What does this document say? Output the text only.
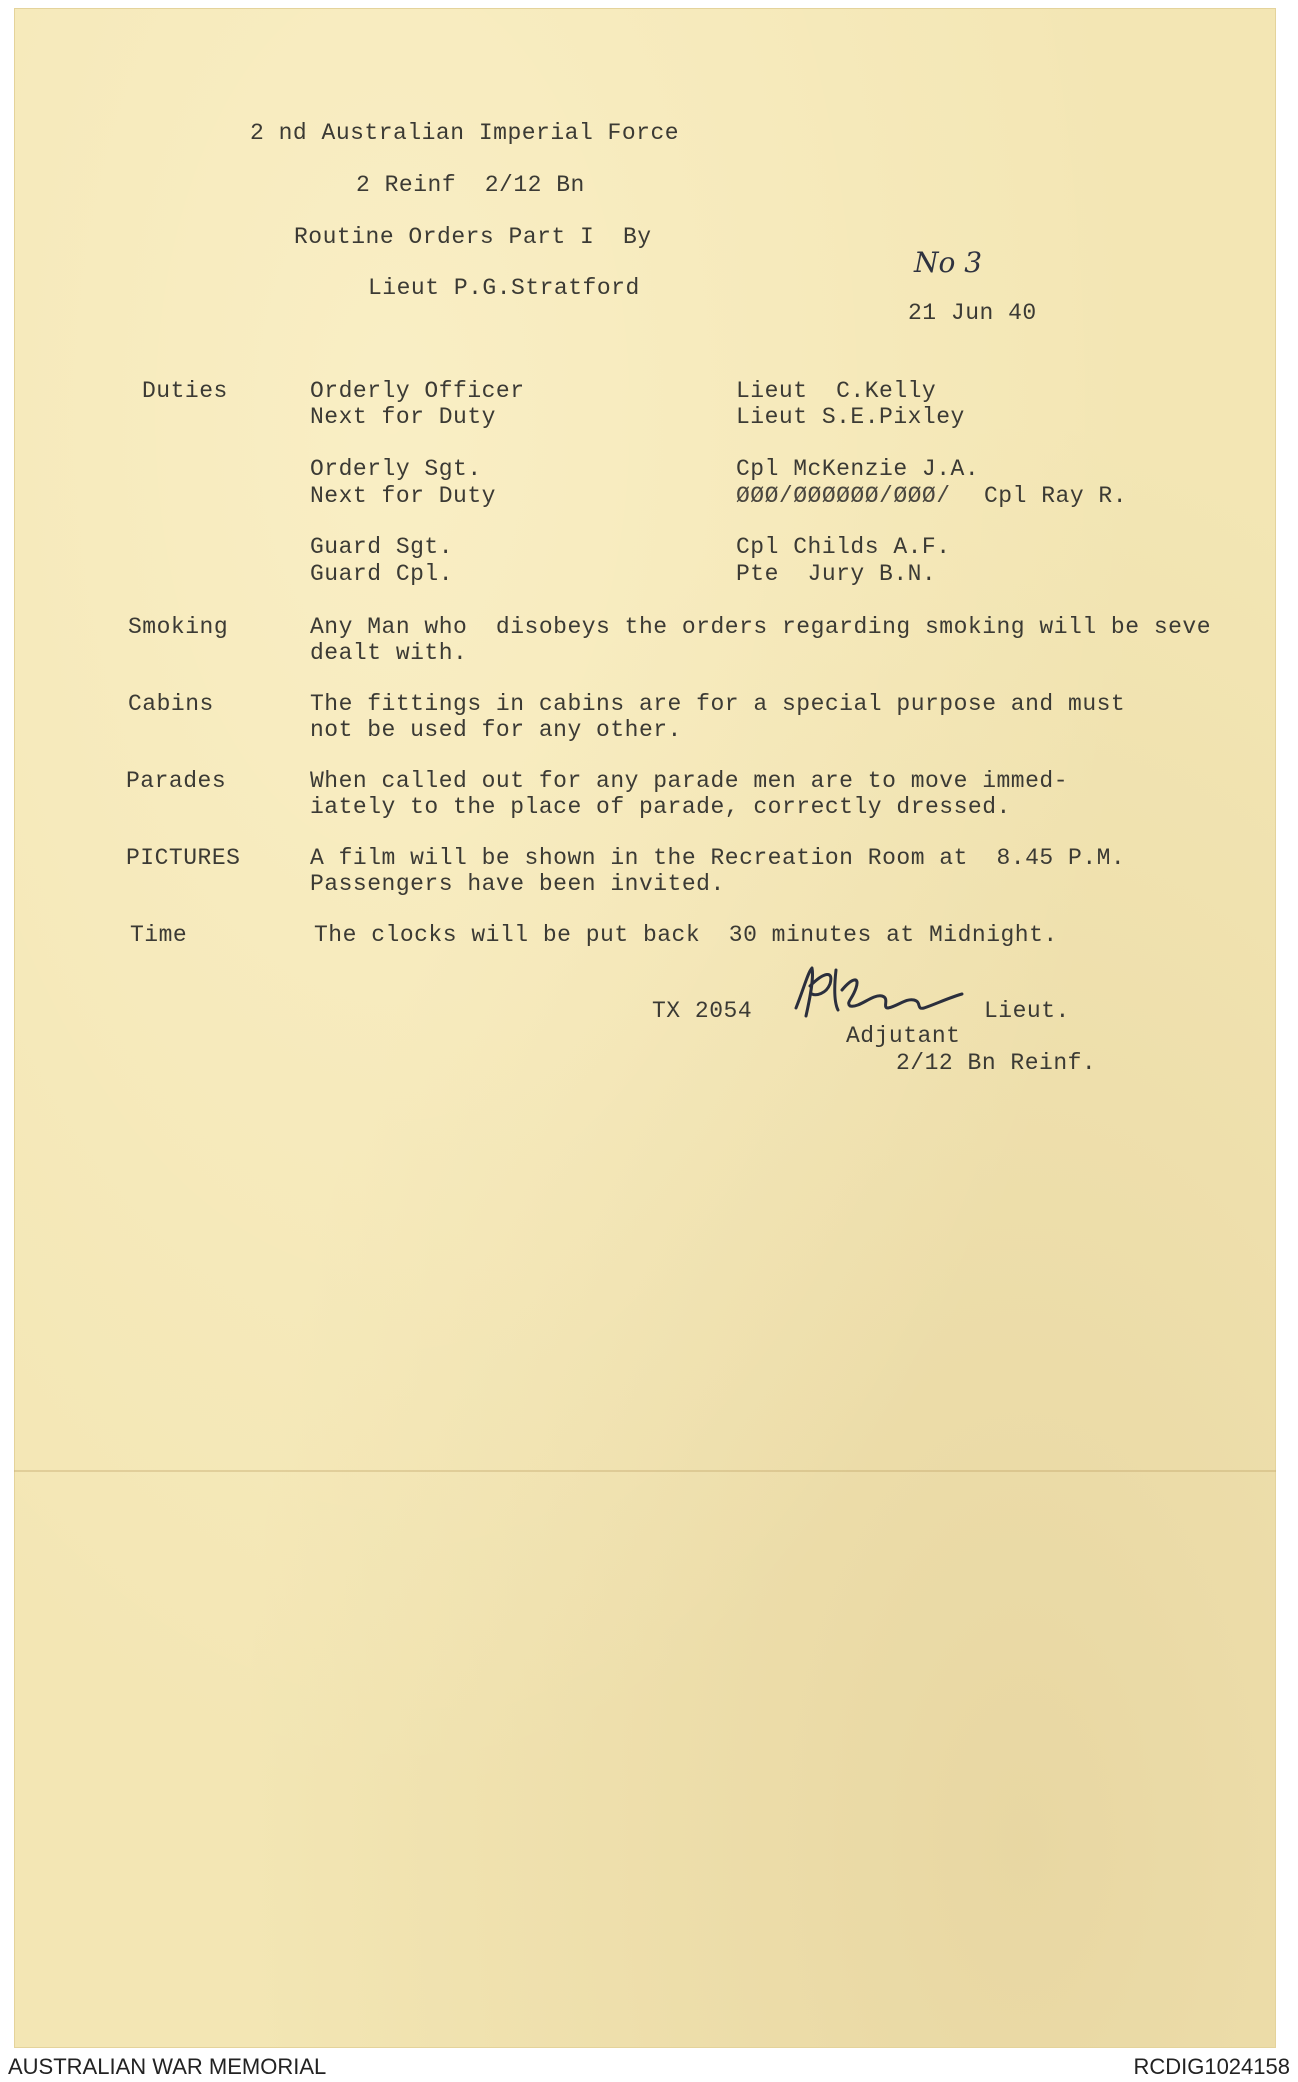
2 nd Australian Imperial Force
2 Reinf  2/12 Bn
Routine Orders Part I  By
Lieut P.G.Stratford
No 3
21 Jun 40
Duties	Orderly Officer	Lieut  C.Kelly
Next for Duty	Lieut S.E.Pixley
Orderly Sgt.	Cpl McKenzie J.A.
Next for Duty	ØØØ/ØØØØØØ/ØØØ/ Cpl Ray R.
Guard Sgt.	Cpl Childs A.F.
Guard Cpl.	Pte  Jury B.N.
Smoking	Any Man who  disobeys the orders regarding smoking will be seve
dealt with.
Cabins	The fittings in cabins are for a special purpose and must
not be used for any other.
Parades	When called out for any parade men are to move immed-
iately to the place of parade, correctly dressed.
PICTURES	A film will be shown in the Recreation Room at  8.45 P.M.
Passengers have been invited.
Time	The clocks will be put back  30 minutes at Midnight.
TX 2054	Lieut.
Adjutant
2/12 Bn Reinf.
AUSTRALIAN WAR MEMORIAL	RCDIG1024158
